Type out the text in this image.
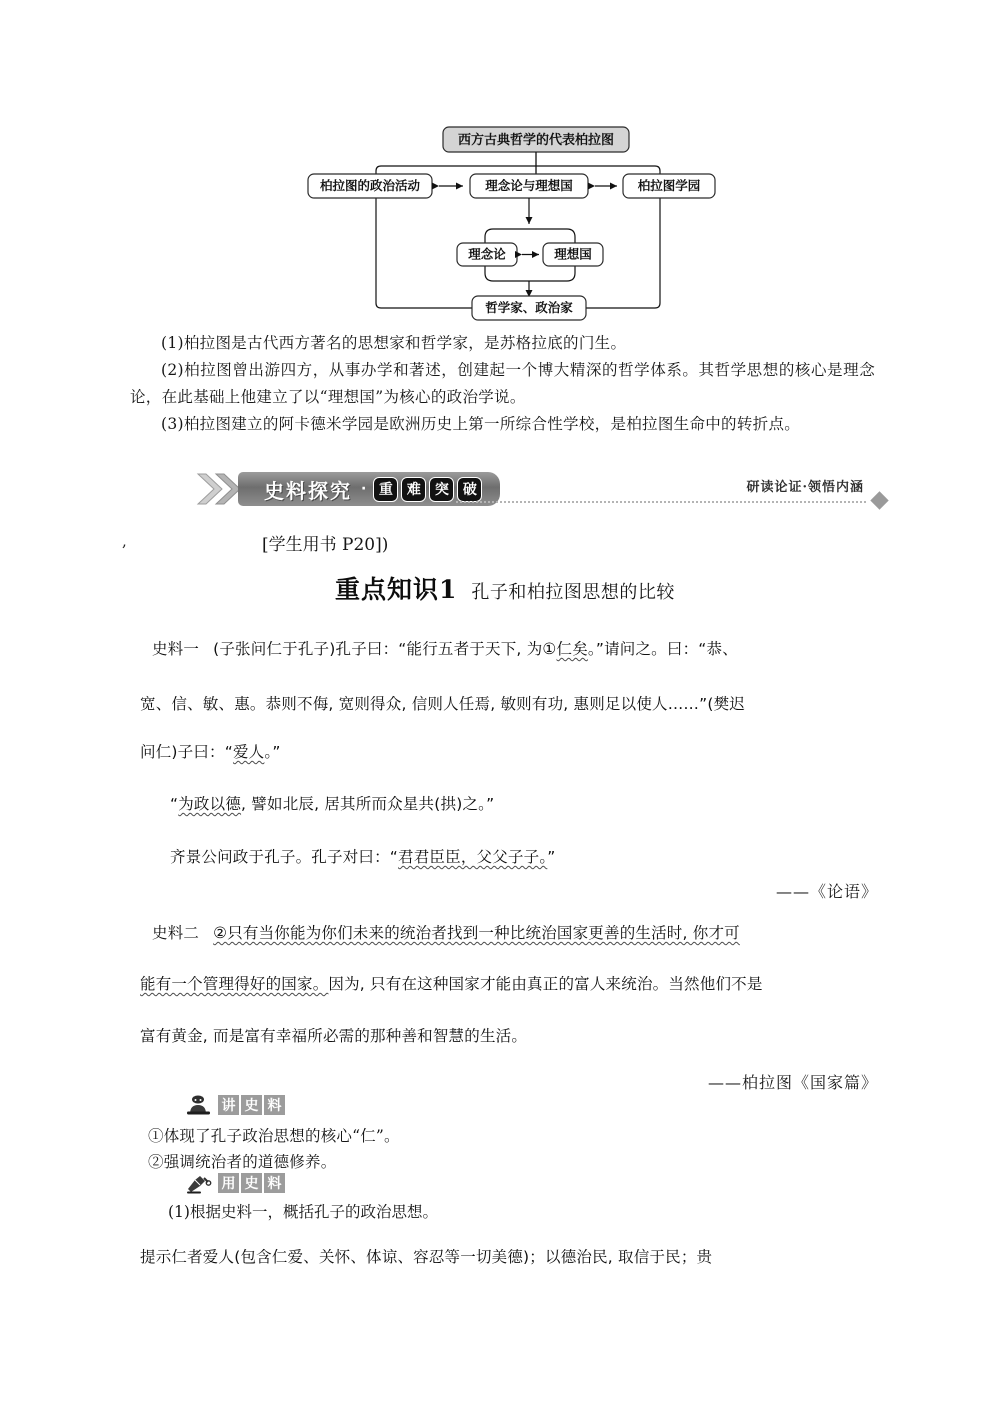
西方古典哲学的代表柏拉图
柏拉图的政治活动	理念论与理想国	柏拉图学园
理念论	理想国
哲学家、政治家
(1)柏拉图是古代西方著名的思想家和哲学家，是苏格拉底的门生。
(2)柏拉图曾出游四方，从事办学和著述，创建起一个博大精深的哲学体系。其哲学思想的核心是理念论，在此基础上他建立了以“理想国”为核心的政治学说。
(3)柏拉图建立的阿卡德米学园是欧洲历史上第一所综合性学校，是柏拉图生命中的转折点。
史料探究 · 重	难	突	破	研读论证·领悟内涵
,	[学生用书 P20])
重点知识1 孔子和柏拉图思想的比较
史料一 (子张问仁于孔子)孔子曰：“能行五者于天下, 为①仁矣。”请问之。曰：“恭、
宽、信、敏、惠。恭则不侮, 宽则得众, 信则人任焉, 敏则有功, 惠则足以使人……”(樊迟
问仁)子曰：“爱人。”
“为政以德, 譬如北辰, 居其所而众星共(拱)之。”
齐景公问政于孔子。孔子对曰：“君君臣臣，父父子子。”
——《论语》
史料二 ②只有当你能为你们未来的统治者找到一种比统治国家更善的生活时, 你才可
能有一个管理得好的国家。因为, 只有在这种国家才能由真正的富人来统治。当然他们不是
富有黄金, 而是富有幸福所必需的那种善和智慧的生活。
——柏拉图《国家篇》
讲 史 料
①体现了孔子政治思想的核心“仁”。
②强调统治者的道德修养。
用 史 料
(1)根据史料一，概括孔子的政治思想。
提示仁者爱人(包含仁爱、关怀、体谅、容忍等一切美德)；以德治民, 取信于民；贵
